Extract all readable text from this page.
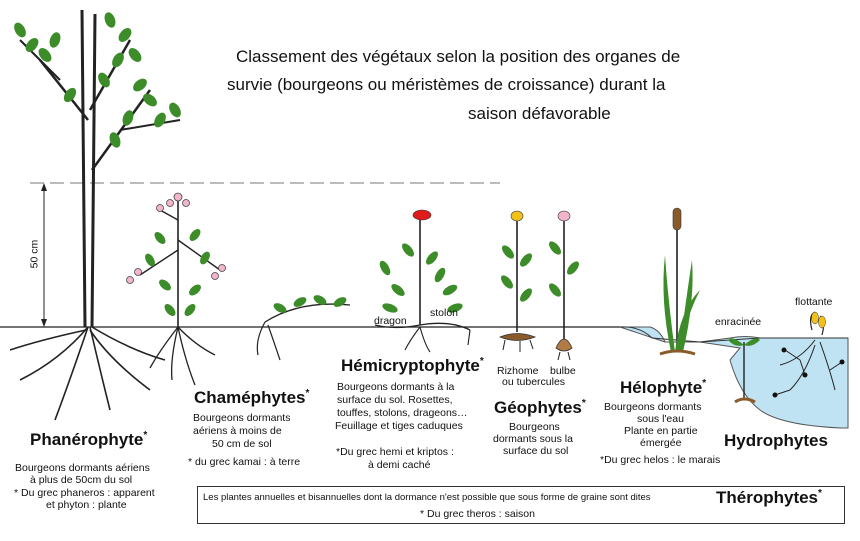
Classement des végétaux selon la position des organes de
survie (bourgeons ou méristèmes de croissance) durant la
saison défavorable
50 cm
dragon
stolon
Rizhome bulbe
ou tubercules
enracinée
flottante
Phanérophyte*
Bourgeons dormants aériens
à plus de 50cm du sol
* Du grec phaneros : apparent
et phyton : plante
Chaméphytes*
Bourgeons dormants
aériens à moins de
50 cm de sol
* du grec kamai : à terre
Hémicryptophyte*
Bourgeons dormants à la
surface du sol. Rosettes,
touffes, stolons, drageons…
Feuillage et tiges caduques
*Du grec hemi et kriptos :
à demi caché
Géophytes*
Bourgeons
dormants sous la
surface du sol
Hélophyte*
Bourgeons dormants
sous l'eau
Plante en partie
émergée
*Du grec helos : le marais
Hydrophytes
Les plantes annuelles et bisannuelles dont la dormance n'est possible que sous forme de graine sont dites	Thérophytes*
* Du grec theros : saison
